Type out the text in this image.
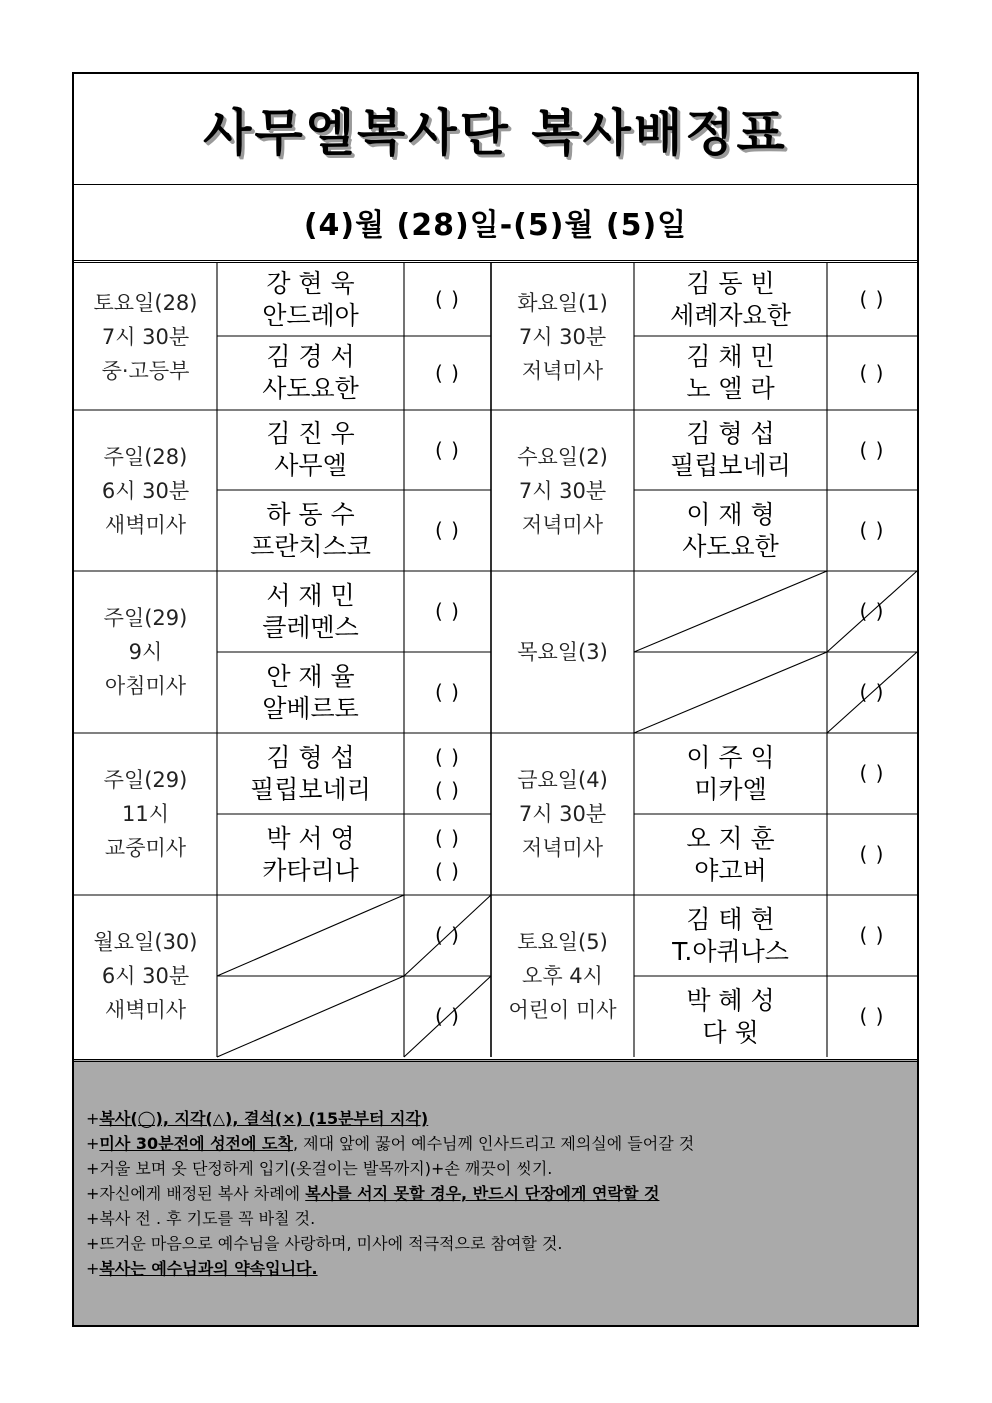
사무엘복사단 복사배정표
(4)월 (28)일-(5)월 (5)일
토요일(28)
7시 30분
중·고등부
강 현 욱
안드레아
( )
김 경 서
사도요한
( )
주일(28)
6시 30분
새벽미사
김 진 우
사무엘
( )
하 동 수
프란치스코
( )
주일(29)
9시
아침미사
서 재 민
클레멘스
( )
안 재 율
알베르토
( )
주일(29)
11시
교중미사
김 형 섭
필립보네리
( )
( )
박 서 영
카타리나
( )
( )
월요일(30)
6시 30분
새벽미사
( )
( )
화요일(1)
7시 30분
저녁미사
김 동 빈
세례자요한
( )
김 채 민
노 엘 라
( )
수요일(2)
7시 30분
저녁미사
김 형 섭
필립보네리
( )
이 재 형
사도요한
( )
목요일(3)
( )
( )
금요일(4)
7시 30분
저녁미사
이 주 익
미카엘
( )
오 지 훈
야고버
( )
토요일(5)
오후 4시
어린이 미사
김 태 현
T.아퀴나스
( )
박 혜 성
다 윗
( )
+복사(◯), 지각(△), 결석(×) (15분부터 지각)
+미사 30분전에 성전에 도착, 제대 앞에 꿇어 예수님께 인사드리고 제의실에 들어갈 것
+거울 보며 옷 단정하게 입기(옷걸이는 발목까지)+손 깨끗이 씻기.
+자신에게 배정된 복사 차례에 복사를 서지 못할 경우, 반드시 단장에게 연락할 것
+복사 전 . 후 기도를 꼭 바칠 것.
+뜨거운 마음으로 예수님을 사랑하며, 미사에 적극적으로 참여할 것.
+복사는 예수님과의 약속입니다.
